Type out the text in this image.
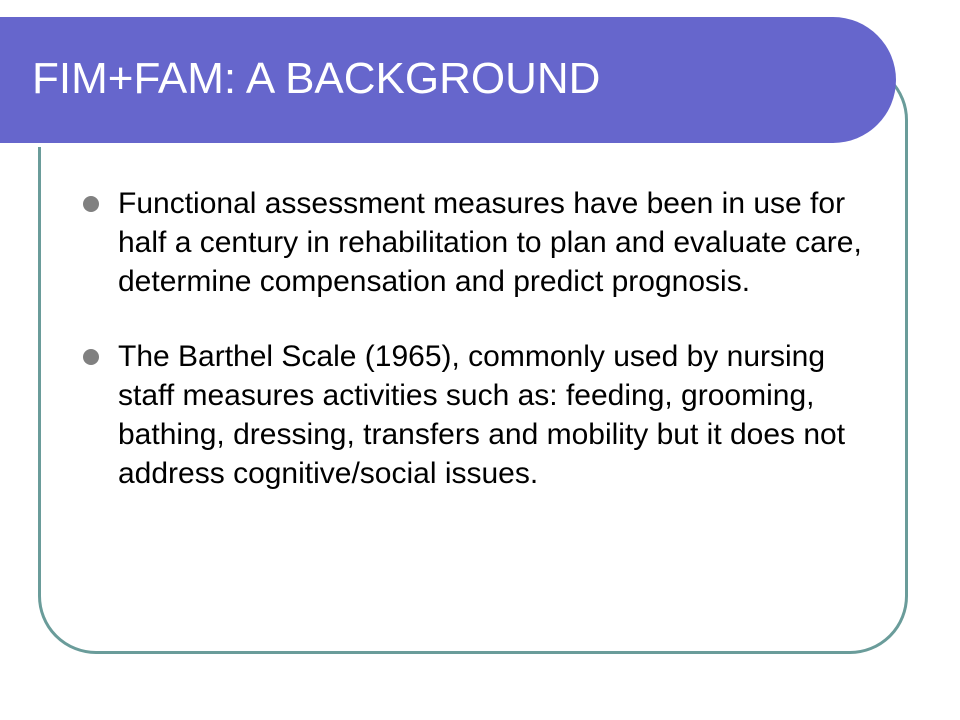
FIM+FAM: A BACKGROUND
Functional assessment measures have been in use for half a century in rehabilitation to plan and evaluate care, determine compensation and predict prognosis.
The Barthel Scale (1965), commonly used by nursing staff measures activities such as: feeding, grooming, bathing, dressing, transfers and mobility but it does not address cognitive/social issues.
